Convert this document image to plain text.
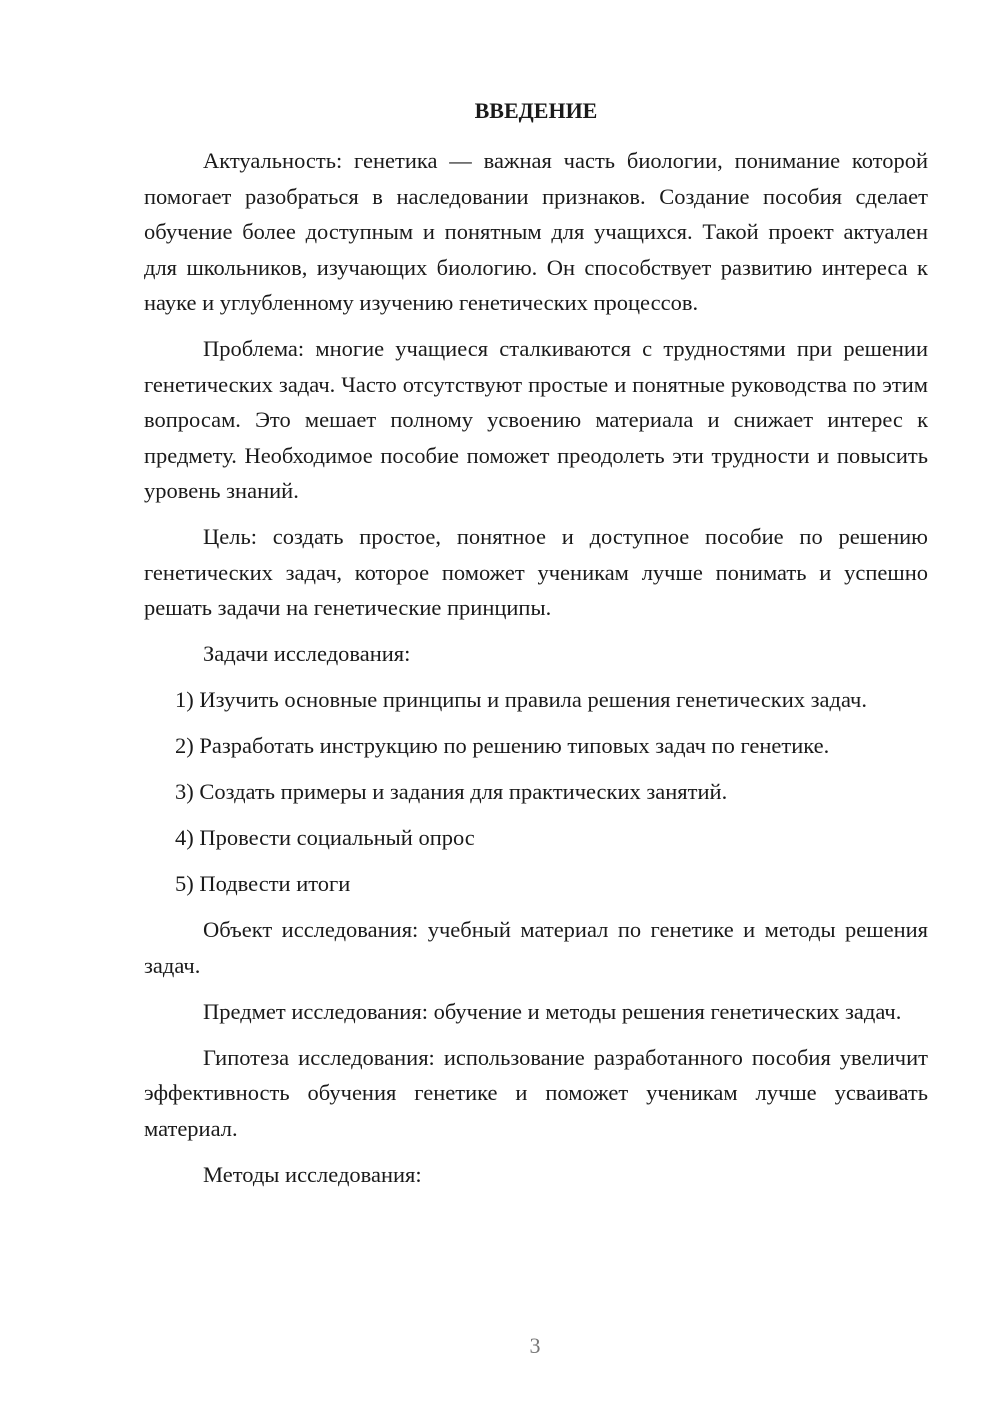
ВВЕДЕНИЕ

Актуальность: генетика — важная часть биологии, понимание которой помогает разобраться в наследовании признаков. Создание пособия сделает обучение более доступным и понятным для учащихся. Такой проект актуален для школьников, изучающих биологию. Он способствует развитию интереса к науке и углубленному изучению генетических процессов.

Проблема: многие учащиеся сталкиваются с трудностями при решении генетических задач. Часто отсутствуют простые и понятные руководства по этим вопросам. Это мешает полному усвоению материала и снижает интерес к предмету. Необходимое пособие поможет преодолеть эти трудности и повысить уровень знаний.

Цель: создать простое, понятное и доступное пособие по решению генетических задач, которое поможет ученикам лучше понимать и успешно решать задачи на генетические принципы.

Задачи исследования:

1) Изучить основные принципы и правила решения генетических задач.

2) Разработать инструкцию по решению типовых задач по генетике.

3) Создать примеры и задания для практических занятий.

4) Провести социальный опрос

5) Подвести итоги

Объект исследования: учебный материал по генетике и методы решения задач.

Предмет исследования: обучение и методы решения генетических задач.

Гипотеза исследования: использование разработанного пособия увеличит эффективность обучения генетике и поможет ученикам лучше усваивать материал.

Методы исследования:

3
